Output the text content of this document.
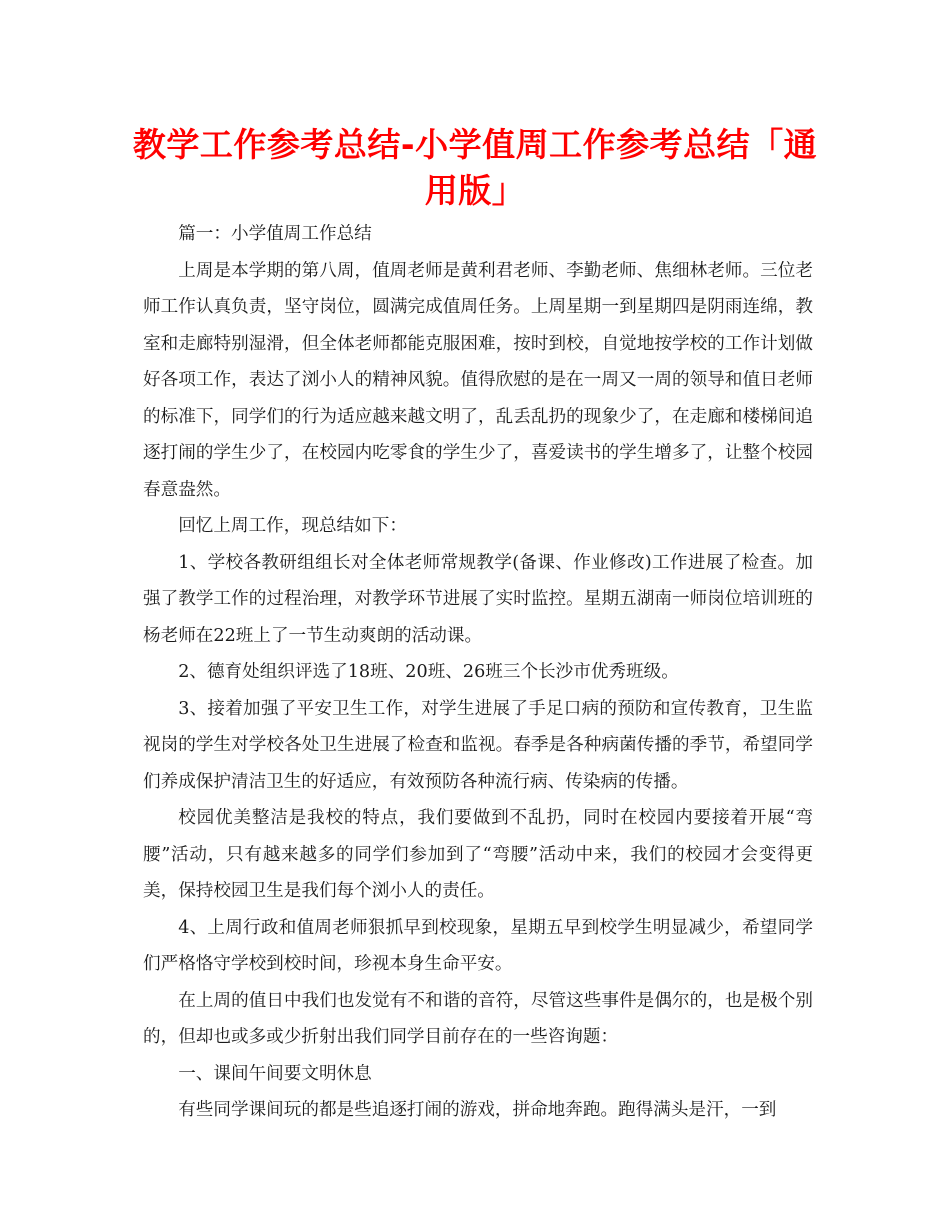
教学工作参考总结-小学值周工作参考总结「通用版」

篇一：小学值周工作总结

上周是本学期的第八周，值周老师是黄利君老师、李勤老师、焦细林老师。三位老师工作认真负责，坚守岗位，圆满完成值周任务。上周星期一到星期四是阴雨连绵，教室和走廊特别湿滑，但全体老师都能克服困难，按时到校，自觉地按学校的工作计划做好各项工作，表达了浏小人的精神风貌。值得欣慰的是在一周又一周的领导和值日老师的标准下，同学们的行为适应越来越文明了，乱丢乱扔的现象少了，在走廊和楼梯间追逐打闹的学生少了，在校园内吃零食的学生少了，喜爱读书的学生增多了，让整个校园春意盎然。

回忆上周工作，现总结如下：

1、学校各教研组组长对全体老师常规教学(备课、作业修改)工作进展了检查。加强了教学工作的过程治理，对教学环节进展了实时监控。星期五湖南一师岗位培训班的杨老师在22班上了一节生动爽朗的活动课。

2、德育处组织评选了18班、20班、26班三个长沙市优秀班级。

3、接着加强了平安卫生工作，对学生进展了手足口病的预防和宣传教育，卫生监视岗的学生对学校各处卫生进展了检查和监视。春季是各种病菌传播的季节，希望同学们养成保护清洁卫生的好适应，有效预防各种流行病、传染病的传播。

校园优美整洁是我校的特点，我们要做到不乱扔，同时在校园内要接着开展“弯腰”活动，只有越来越多的同学们参加到了“弯腰”活动中来，我们的校园才会变得更美，保持校园卫生是我们每个浏小人的责任。

4、上周行政和值周老师狠抓早到校现象，星期五早到校学生明显减少，希望同学们严格恪守学校到校时间，珍视本身生命平安。

在上周的值日中我们也发觉有不和谐的音符，尽管这些事件是偶尔的，也是极个别的，但却也或多或少折射出我们同学目前存在的一些咨询题：

一、课间午间要文明休息

有些同学课间玩的都是些追逐打闹的游戏，拼命地奔跑。跑得满头是汗，一到
